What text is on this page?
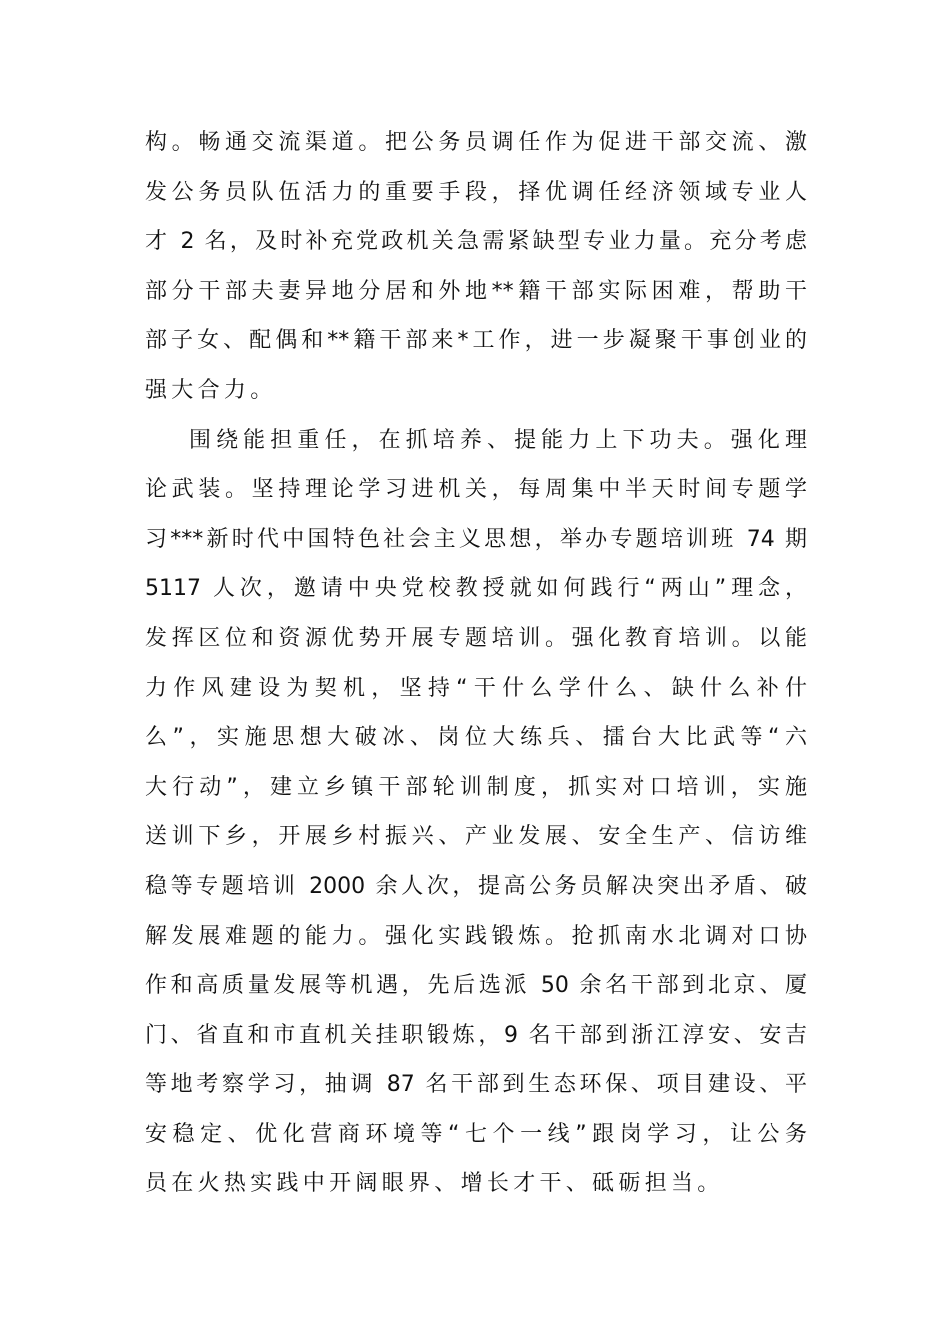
构。畅通交流渠道。把公务员调任作为促进干部交流、激
发公务员队伍活力的重要手段，择优调任经济领域专业人
才 2 名，及时补充党政机关急需紧缺型专业力量。充分考虑
部分干部夫妻异地分居和外地**籍干部实际困难，帮助干
部子女、配偶和**籍干部来*工作，进一步凝聚干事创业的
强大合力。
围绕能担重任，在抓培养、提能力上下功夫。强化理
论武装。坚持理论学习进机关，每周集中半天时间专题学
习***新时代中国特色社会主义思想，举办专题培训班 74 期
5117 人次，邀请中央党校教授就如何践行“两山”理念，
发挥区位和资源优势开展专题培训。强化教育培训。以能
力作风建设为契机，坚持“干什么学什么、缺什么补什
么”，实施思想大破冰、岗位大练兵、擂台大比武等“六
大行动”，建立乡镇干部轮训制度，抓实对口培训，实施
送训下乡，开展乡村振兴、产业发展、安全生产、信访维
稳等专题培训 2000 余人次，提高公务员解决突出矛盾、破
解发展难题的能力。强化实践锻炼。抢抓南水北调对口协
作和高质量发展等机遇，先后选派 50 余名干部到北京、厦
门、省直和市直机关挂职锻炼，9 名干部到浙江淳安、安吉
等地考察学习，抽调 87 名干部到生态环保、项目建设、平
安稳定、优化营商环境等“七个一线”跟岗学习，让公务
员在火热实践中开阔眼界、增长才干、砥砺担当。
